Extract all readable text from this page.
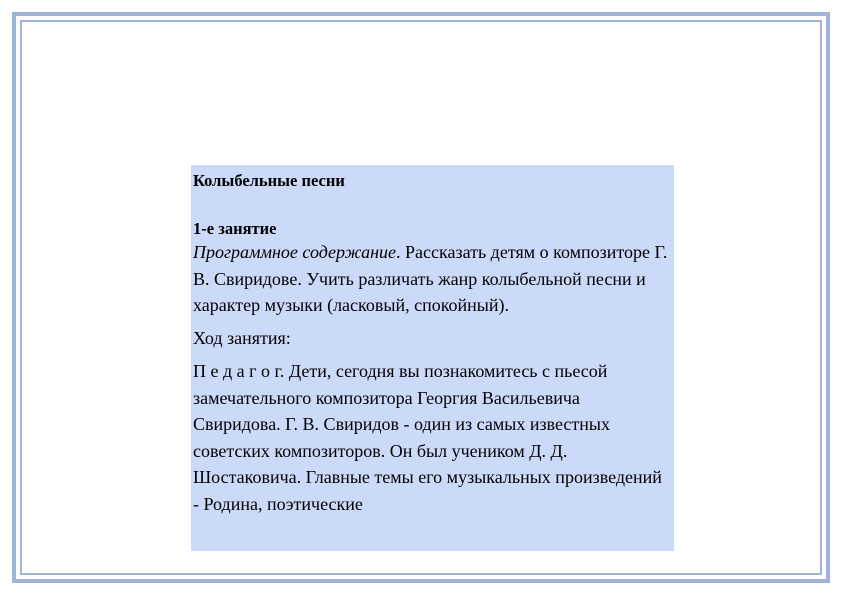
Колыбельные песни

1-е занятие

Программное содержание. Рассказать детям о композиторе Г. В. Свиридове. Учить различать жанр колыбельной песни и характер музыки (ласковый, спокойный).

Ход занятия:

П е д а г о г. Дети, сегодня вы познакомитесь с пьесой замечательного композитора Георгия Васильевича Свиридова. Г. В. Свиридов - один из самых известных советских композиторов. Он был учеником Д. Д. Шостаковича. Главные темы его музыкальных произведений - Родина, поэтические
